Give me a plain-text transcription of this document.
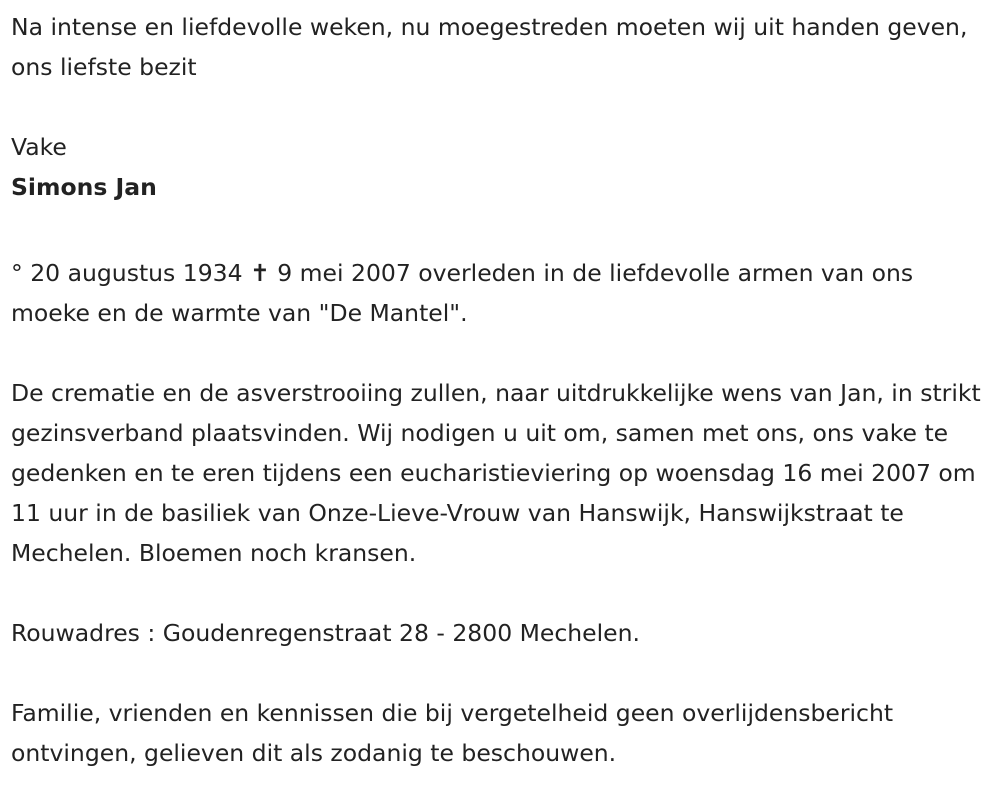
Na intense en liefdevolle weken, nu moegestreden moeten wij uit handen geven, ons liefste bezit

Vake

Simons Jan

° 20 augustus 1934 ✝ 9 mei 2007 overleden in de liefdevolle armen van ons moeke en de warmte van "De Mantel".

De crematie en de asverstrooiing zullen, naar uitdrukkelijke wens van Jan, in strikt gezinsverband plaatsvinden. Wij nodigen u uit om, samen met ons, ons vake te gedenken en te eren tijdens een eucharistieviering op woensdag 16 mei 2007 om 11 uur in de basiliek van Onze-Lieve-Vrouw van Hanswijk, Hanswijkstraat te Mechelen. Bloemen noch kransen.

Rouwadres : Goudenregenstraat 28 - 2800 Mechelen.

Familie, vrienden en kennissen die bij vergetelheid geen overlijdensbericht ontvingen, gelieven dit als zodanig te beschouwen.
